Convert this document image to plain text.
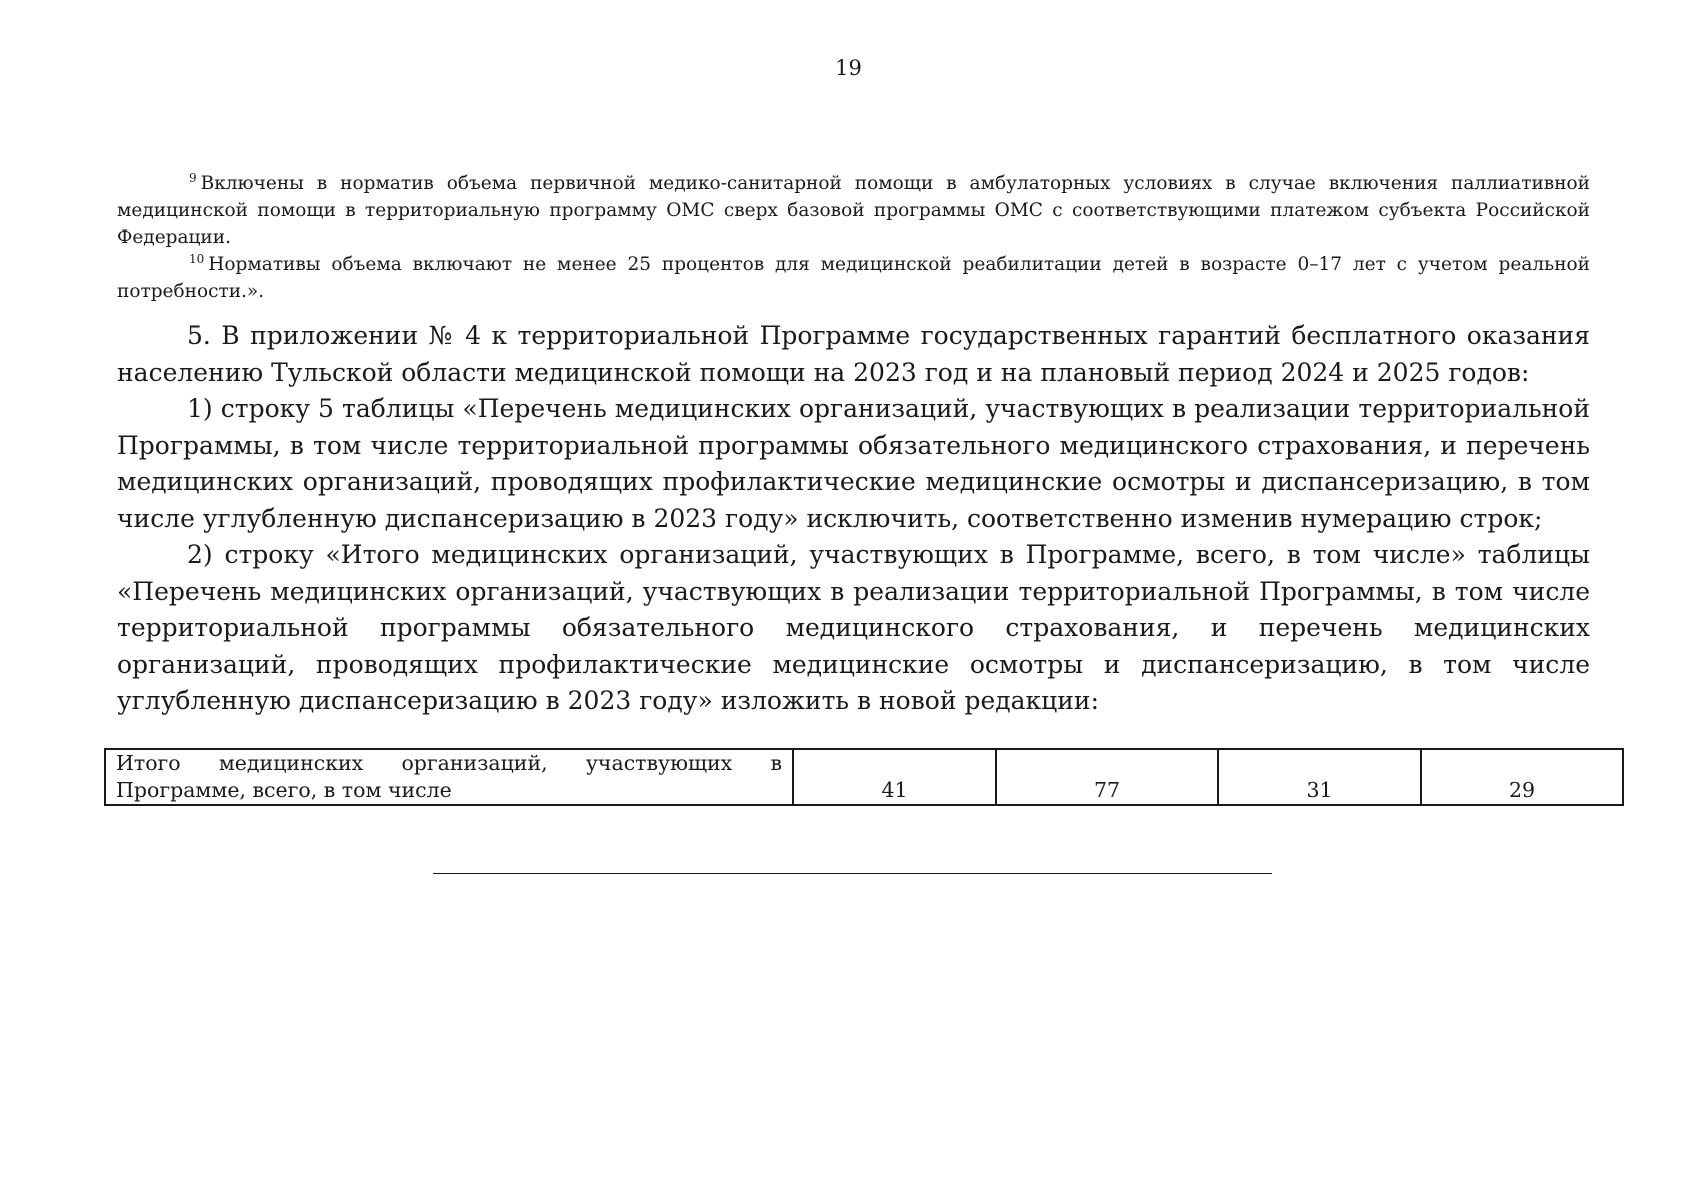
19

$^9$ Включены в норматив объема первичной медико-санитарной помощи в амбулаторных условиях в случае включения паллиативной медицинской помощи в территориальную программу ОМС сверх базовой программы ОМС с соответствующими платежом субъекта Российской Федерации.

$^{10}$ Нормативы объема включают не менее 25 процентов для медицинской реабилитации детей в возрасте 0–17 лет с учетом реальной потребности.».

5. В приложении № 4 к территориальной Программе государственных гарантий бесплатного оказания населению Тульской области медицинской помощи на 2023 год и на плановый период 2024 и 2025 годов:

1) строку 5 таблицы «Перечень медицинских организаций, участвующих в реализации территориальной Программы, в том числе территориальной программы обязательного медицинского страхования, и перечень медицинских организаций, проводящих профилактические медицинские осмотры и диспансеризацию, в том числе углубленную диспансеризацию в 2023 году» исключить, соответственно изменив нумерацию строк;

2) строку «Итого медицинских организаций, участвующих в Программе, всего, в том числе» таблицы «Перечень медицинских организаций, участвующих в реализации территориальной Программы, в том числе территориальной программы обязательного медицинского страхования, и перечень медицинских организаций, проводящих профилактические медицинские осмотры и диспансеризацию, в том числе углубленную диспансеризацию в 2023 году» изложить в новой редакции:

Итого медицинских организаций, участвующих в Программе, всего, в том числе	41	77	31	29
